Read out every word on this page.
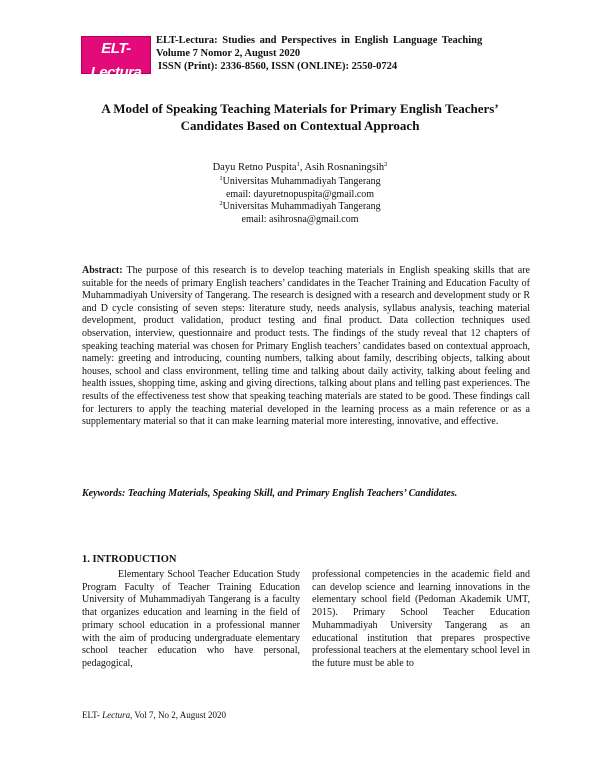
ELT-Lectura
STUDIES AND PERSPECTIVES IN ENGLISH LANGUAGE TEACHING
ELT-Lectura: Studies and Perspectives in English Language Teaching
Volume 7 Nomor 2, August 2020
ISSN (Print): 2336-8560, ISSN (ONLINE): 2550-0724
A Model of Speaking Teaching Materials for Primary English Teachers’
Candidates Based on Contextual Approach
Dayu Retno Puspita$^1$, Asih Rosnaningsih$^2$
$^1$Universitas Muhammadiyah Tangerang
email: dayuretnopuspita@gmail.com
$^2$Universitas Muhammadiyah Tangerang
email: asihrosna@gmail.com
Abstract: The purpose of this research is to develop teaching materials in English speaking skills that are suitable for the needs of primary English teachers’ candidates in the Teacher Training and Education Faculty of Muhammadiyah University of Tangerang. The research is designed with a research and development study or R and D cycle consisting of seven steps: literature study, needs analysis, syllabus analysis, teaching material development, product validation, product testing and final product. Data collection techniques used observation, interview, questionnaire and product tests. The findings of the study reveal that 12 chapters of speaking teaching material was chosen for Primary English teachers’ candidates based on contextual approach, namely: greeting and introducing, counting numbers, talking about family, describing objects, talking about houses, school and class environment, telling time and talking about daily activity, talking about feeling and health issues, shopping time, asking and giving directions, talking about plans and telling past experiences. The results of the effectiveness test show that speaking teaching materials are stated to be good. These findings call for lecturers to apply the teaching material developed in the learning process as a main reference or as a supplementary material so that it can make learning material more interesting, innovative, and effective.
Keywords: Teaching Materials, Speaking Skill, and Primary English Teachers’ Candidates.
1. INTRODUCTION
Elementary School Teacher Education Study Program Faculty of Teacher Training Education University of Muhammadiyah Tangerang is a faculty that organizes education and learning in the field of primary school education in a professional manner with the aim of producing undergraduate elementary school teacher education who have personal, pedagogical,
professional competencies in the academic field and can develop science and learning innovations in the elementary school field (Pedoman Akademik UMT, 2015). Primary School Teacher Education Muhammadiyah University Tangerang as an educational institution that prepares prospective professional teachers at the elementary school level in the future must be able to
ELT- Lectura, Vol 7, No 2, August 2020
